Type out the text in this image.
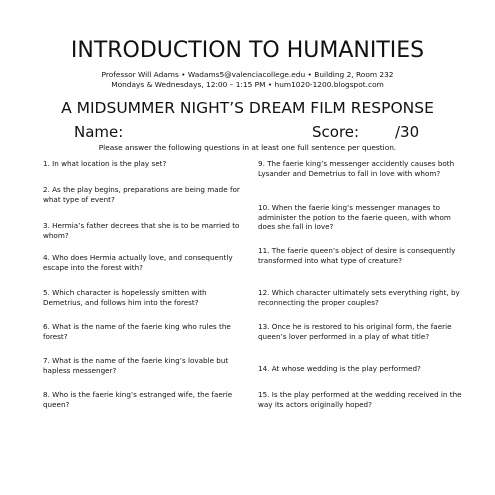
INTRODUCTION TO HUMANITIES
Professor Will Adams • Wadams5@valenciacollege.edu • Building 2, Room 232
Mondays & Wednesdays, 12:00 – 1:15 PM • hum1020-1200.blogspot.com
A MIDSUMMER NIGHT’S DREAM FILM RESPONSE
Name:	Score: /30
Please answer the following questions in at least one full sentence per question.
1. In what location is the play set?
2. As the play begins, preparations are being made for what type of event?
3. Hermia’s father decrees that she is to be married to whom?
4. Who does Hermia actually love, and consequently escape into the forest with?
5. Which character is hopelessly smitten with Demetrius, and follows him into the forest?
6. What is the name of the faerie king who rules the forest?
7. What is the name of the faerie king’s lovable but hapless messenger?
8. Who is the faerie king’s estranged wife, the faerie queen?
9. The faerie king’s messenger accidently causes both Lysander and Demetrius to fall in love with whom?
10. When the faerie king’s messenger manages to administer the potion to the faerie queen, with whom does she fall in love?
11. The faerie queen’s object of desire is consequently transformed into what type of creature?
12. Which character ultimately sets everything right, by reconnecting the proper couples?
13. Once he is restored to his original form, the faerie queen’s lover performed in a play of what title?
14. At whose wedding is the play performed?
15. Is the play performed at the wedding received in the way its actors originally hoped?
